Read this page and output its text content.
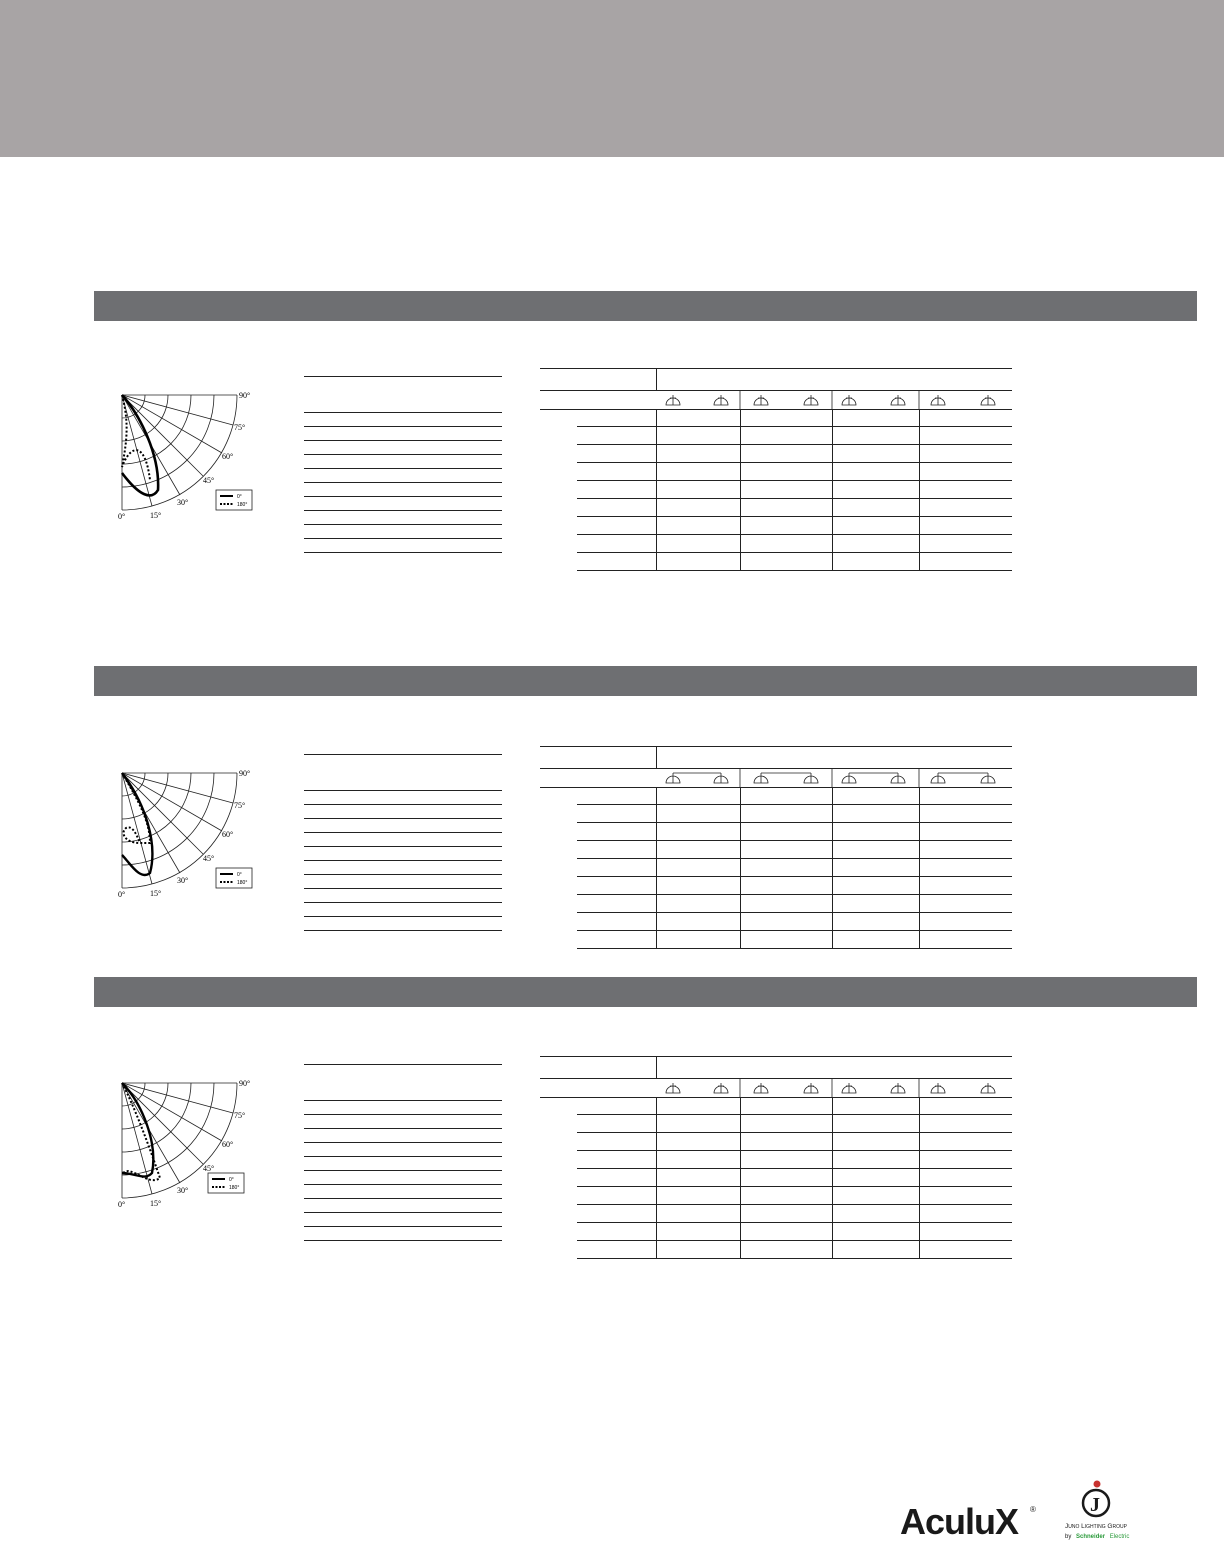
90°
75°
60°
45°
30°
15°
0°
0°
180°
90°
75°
60°
45°
30°
15°
0°
0°
180°
90°
75°
60°
45°
30°
15°
0°
0°
180°
AculuX ®	J
Juno Lighting Group
by Schneider Electric
